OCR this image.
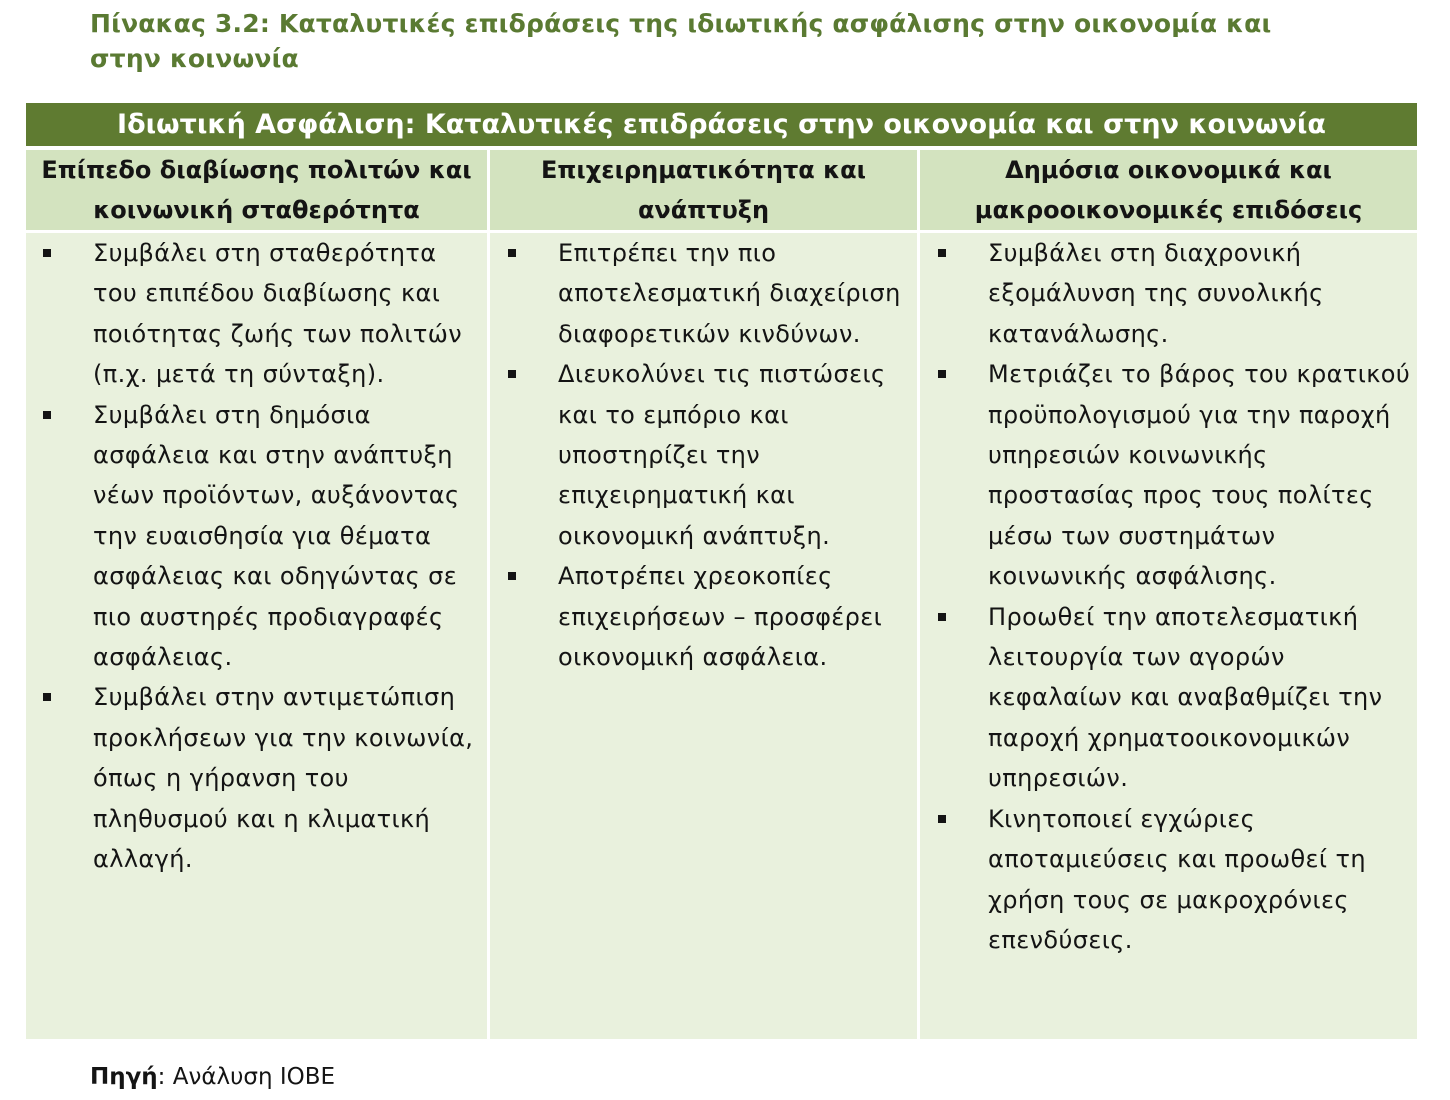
Πίνακας 3.2: Καταλυτικές επιδράσεις της ιδιωτικής ασφάλισης στην οικονομία και στην κοινωνία
Ιδιωτική Ασφάλιση: Καταλυτικές επιδράσεις στην οικονομία και στην κοινωνία
Επίπεδο διαβίωσης πολιτών και κοινωνική σταθερότητα
Συμβάλει στη σταθερότητα του επιπέδου διαβίωσης και ποιότητας ζωής των πολιτών (π.χ. μετά τη σύνταξη).
Συμβάλει στη δημόσια ασφάλεια και στην ανάπτυξη νέων προϊόντων, αυξάνοντας την ευαισθησία για θέματα ασφάλειας και οδηγώντας σε πιο αυστηρές προδιαγραφές ασφάλειας.
Συμβάλει στην αντιμετώπιση προκλήσεων για την κοινωνία, όπως η γήρανση του πληθυσμού και η κλιματική αλλαγή.
Επιχειρηματικότητα και ανάπτυξη
Επιτρέπει την πιο αποτελεσματική διαχείριση διαφορετικών κινδύνων.
Διευκολύνει τις πιστώσεις και το εμπόριο και υποστηρίζει την επιχειρηματική και οικονομική ανάπτυξη.
Αποτρέπει χρεοκοπίες επιχειρήσεων – προσφέρει οικονομική ασφάλεια.
Δημόσια οικονομικά και μακροοικονομικές επιδόσεις
Συμβάλει στη διαχρονική εξομάλυνση της συνολικής κατανάλωσης.
Μετριάζει το βάρος του κρατικού προϋπολογισμού για την παροχή υπηρεσιών κοινωνικής προστασίας προς τους πολίτες μέσω των συστημάτων κοινωνικής ασφάλισης.
Προωθεί την αποτελεσματική λειτουργία των αγορών κεφαλαίων και αναβαθμίζει την παροχή χρηματοοικονομικών υπηρεσιών.
Κινητοποιεί εγχώριες αποταμιεύσεις και προωθεί τη χρήση τους σε μακροχρόνιες επενδύσεις.
Πηγή: Ανάλυση ΙΟΒΕ
